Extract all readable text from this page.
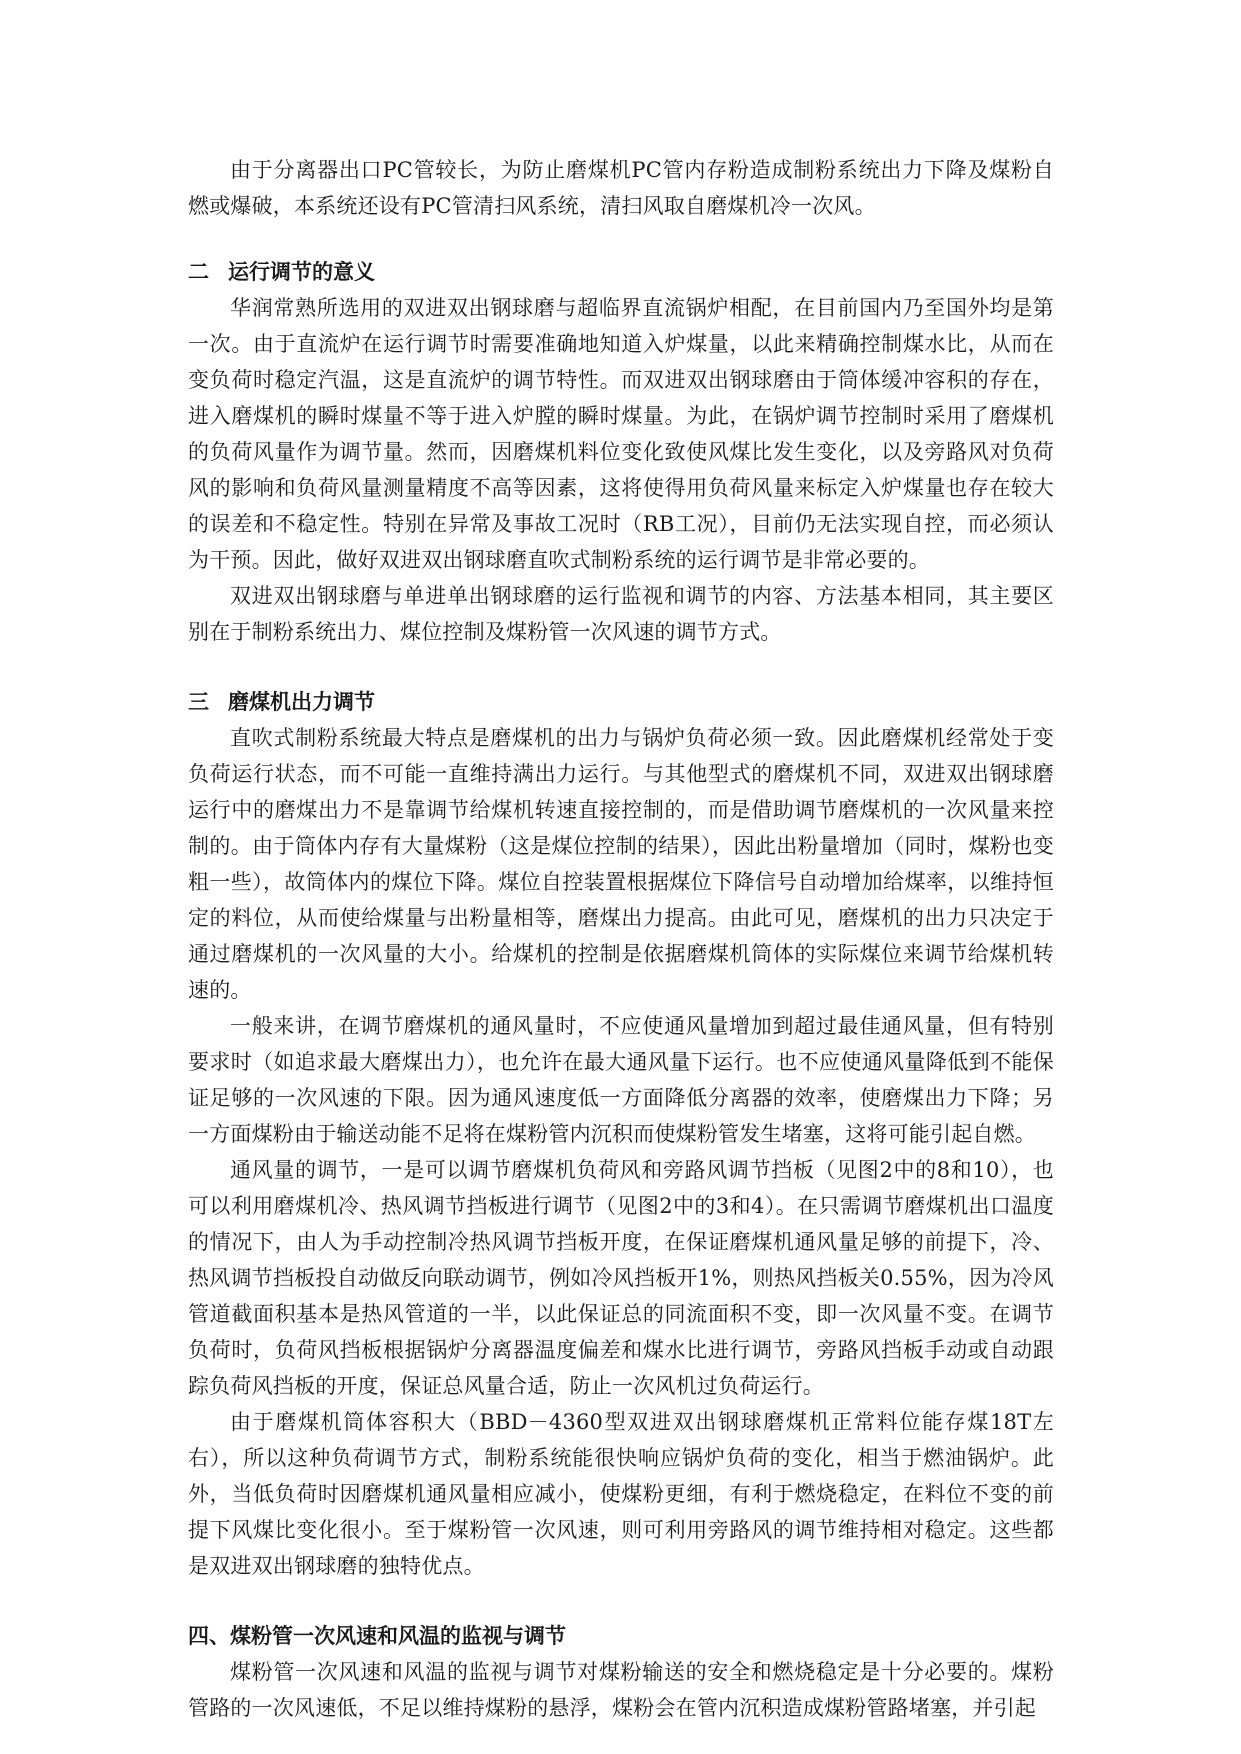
由于分离器出口PC管较长，为防止磨煤机PC管内存粉造成制粉系统出力下降及煤粉自燃或爆破，本系统还设有PC管清扫风系统，清扫风取自磨煤机冷一次风。

二 运行调节的意义

华润常熟所选用的双进双出钢球磨与超临界直流锅炉相配，在目前国内乃至国外均是第一次。由于直流炉在运行调节时需要准确地知道入炉煤量，以此来精确控制煤水比，从而在变负荷时稳定汽温，这是直流炉的调节特性。而双进双出钢球磨由于筒体缓冲容积的存在，进入磨煤机的瞬时煤量不等于进入炉膛的瞬时煤量。为此，在锅炉调节控制时采用了磨煤机的负荷风量作为调节量。然而，因磨煤机料位变化致使风煤比发生变化，以及旁路风对负荷风的影响和负荷风量测量精度不高等因素，这将使得用负荷风量来标定入炉煤量也存在较大的误差和不稳定性。特别在异常及事故工况时（RB工况），目前仍无法实现自控，而必须认为干预。因此，做好双进双出钢球磨直吹式制粉系统的运行调节是非常必要的。

双进双出钢球磨与单进单出钢球磨的运行监视和调节的内容、方法基本相同，其主要区别在于制粉系统出力、煤位控制及煤粉管一次风速的调节方式。

三 磨煤机出力调节

直吹式制粉系统最大特点是磨煤机的出力与锅炉负荷必须一致。因此磨煤机经常处于变负荷运行状态，而不可能一直维持满出力运行。与其他型式的磨煤机不同，双进双出钢球磨运行中的磨煤出力不是靠调节给煤机转速直接控制的，而是借助调节磨煤机的一次风量来控制的。由于筒体内存有大量煤粉（这是煤位控制的结果），因此出粉量增加（同时，煤粉也变粗一些），故筒体内的煤位下降。煤位自控装置根据煤位下降信号自动增加给煤率，以维持恒定的料位，从而使给煤量与出粉量相等，磨煤出力提高。由此可见，磨煤机的出力只决定于通过磨煤机的一次风量的大小。给煤机的控制是依据磨煤机筒体的实际煤位来调节给煤机转速的。

一般来讲，在调节磨煤机的通风量时，不应使通风量增加到超过最佳通风量，但有特别要求时（如追求最大磨煤出力），也允许在最大通风量下运行。也不应使通风量降低到不能保证足够的一次风速的下限。因为通风速度低一方面降低分离器的效率，使磨煤出力下降；另一方面煤粉由于输送动能不足将在煤粉管内沉积而使煤粉管发生堵塞，这将可能引起自燃。

通风量的调节，一是可以调节磨煤机负荷风和旁路风调节挡板（见图2中的8和10），也可以利用磨煤机冷、热风调节挡板进行调节（见图2中的3和4）。在只需调节磨煤机出口温度的情况下，由人为手动控制冷热风调节挡板开度，在保证磨煤机通风量足够的前提下，冷、热风调节挡板投自动做反向联动调节，例如冷风挡板开1%，则热风挡板关0.55%，因为冷风管道截面积基本是热风管道的一半，以此保证总的同流面积不变，即一次风量不变。在调节负荷时，负荷风挡板根据锅炉分离器温度偏差和煤水比进行调节，旁路风挡板手动或自动跟踪负荷风挡板的开度，保证总风量合适，防止一次风机过负荷运行。

由于磨煤机筒体容积大（BBD－4360型双进双出钢球磨煤机正常料位能存煤18T左右），所以这种负荷调节方式，制粉系统能很快响应锅炉负荷的变化，相当于燃油锅炉。此外，当低负荷时因磨煤机通风量相应减小，使煤粉更细，有利于燃烧稳定，在料位不变的前提下风煤比变化很小。至于煤粉管一次风速，则可利用旁路风的调节维持相对稳定。这些都是双进双出钢球磨的独特优点。

四、 煤粉管一次风速和风温的监视与调节

煤粉管一次风速和风温的监视与调节对煤粉输送的安全和燃烧稳定是十分必要的。煤粉管路的一次风速低，不足以维持煤粉的悬浮，煤粉会在管内沉积造成煤粉管路堵塞，并引起
